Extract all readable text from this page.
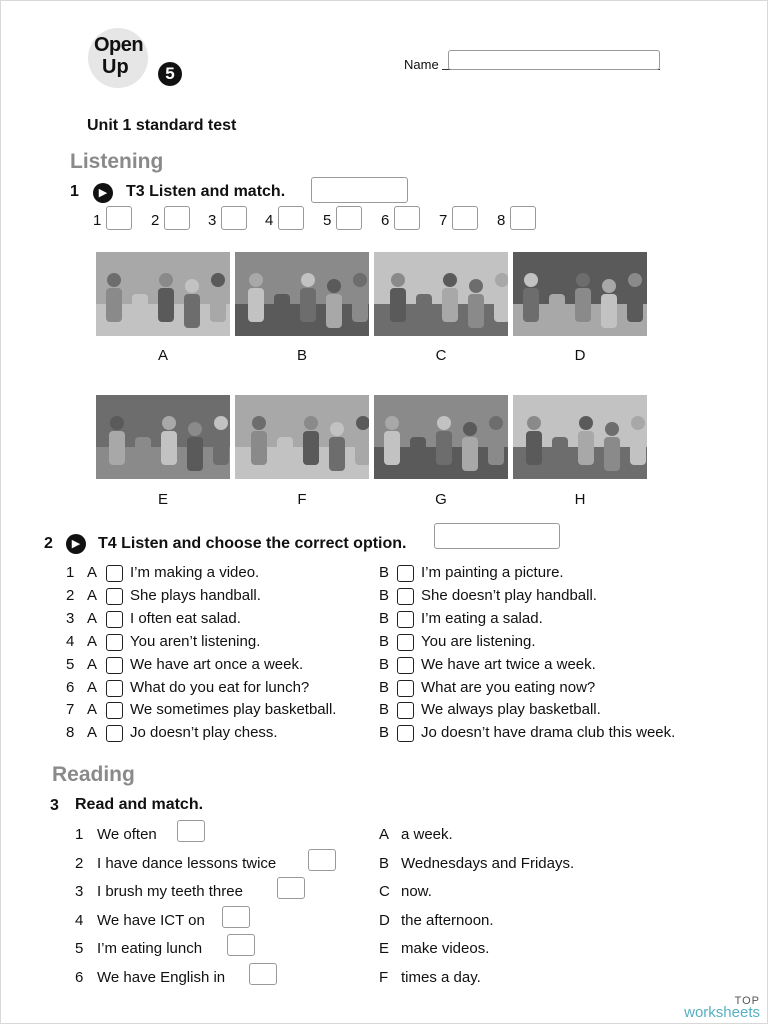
Open
Up	5	Name
Unit 1 standard test
Listening
1	▶	T3 Listen and match.
1	2	3	4	5	6	7	8
A	B	C	D
E	F	G	H
2	▶	T4 Listen and choose the correct option.
1 A I’m making a video.	B I’m painting a picture.
2 A She plays handball.	B She doesn’t play handball.
3 A I often eat salad.	B I’m eating a salad.
4 A You aren’t listening.	B You are listening.
5 A We have art once a week.	B We have art twice a week.
6 A What do you eat for lunch?	B What are you eating now?
7 A We sometimes play basketball.	B We always play basketball.
8 A Jo doesn’t play chess.	B Jo doesn’t have drama club this week.
Reading
3 Read and match.
1 We often	A a week.
2 I have dance lessons twice	B Wednesdays and Fridays.
3 I brush my teeth three	C now.
4 We have ICT on	D the afternoon.
5 I’m eating lunch	E make videos.
6 We have English in	F times a day.
TOP
worksheets
